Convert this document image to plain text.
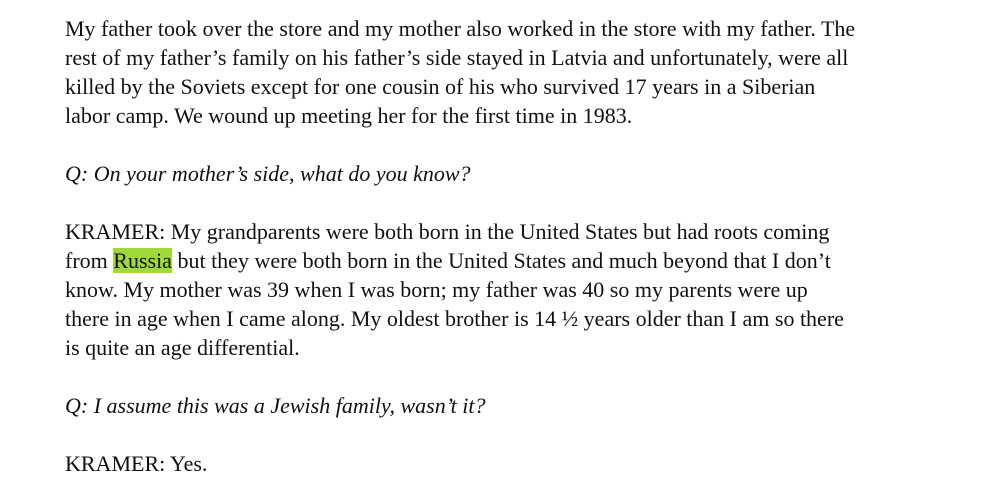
My father took over the store and my mother also worked in the store with my father. The
rest of my father’s family on his father’s side stayed in Latvia and unfortunately, were all
killed by the Soviets except for one cousin of his who survived 17 years in a Siberian
labor camp. We wound up meeting her for the first time in 1983.
Q: On your mother’s side, what do you know?
KRAMER: My grandparents were both born in the United States but had roots coming
from Russia but they were both born in the United States and much beyond that I don’t
know. My mother was 39 when I was born; my father was 40 so my parents were up
there in age when I came along. My oldest brother is 14 ½ years older than I am so there
is quite an age differential.
Q: I assume this was a Jewish family, wasn’t it?
KRAMER: Yes.
